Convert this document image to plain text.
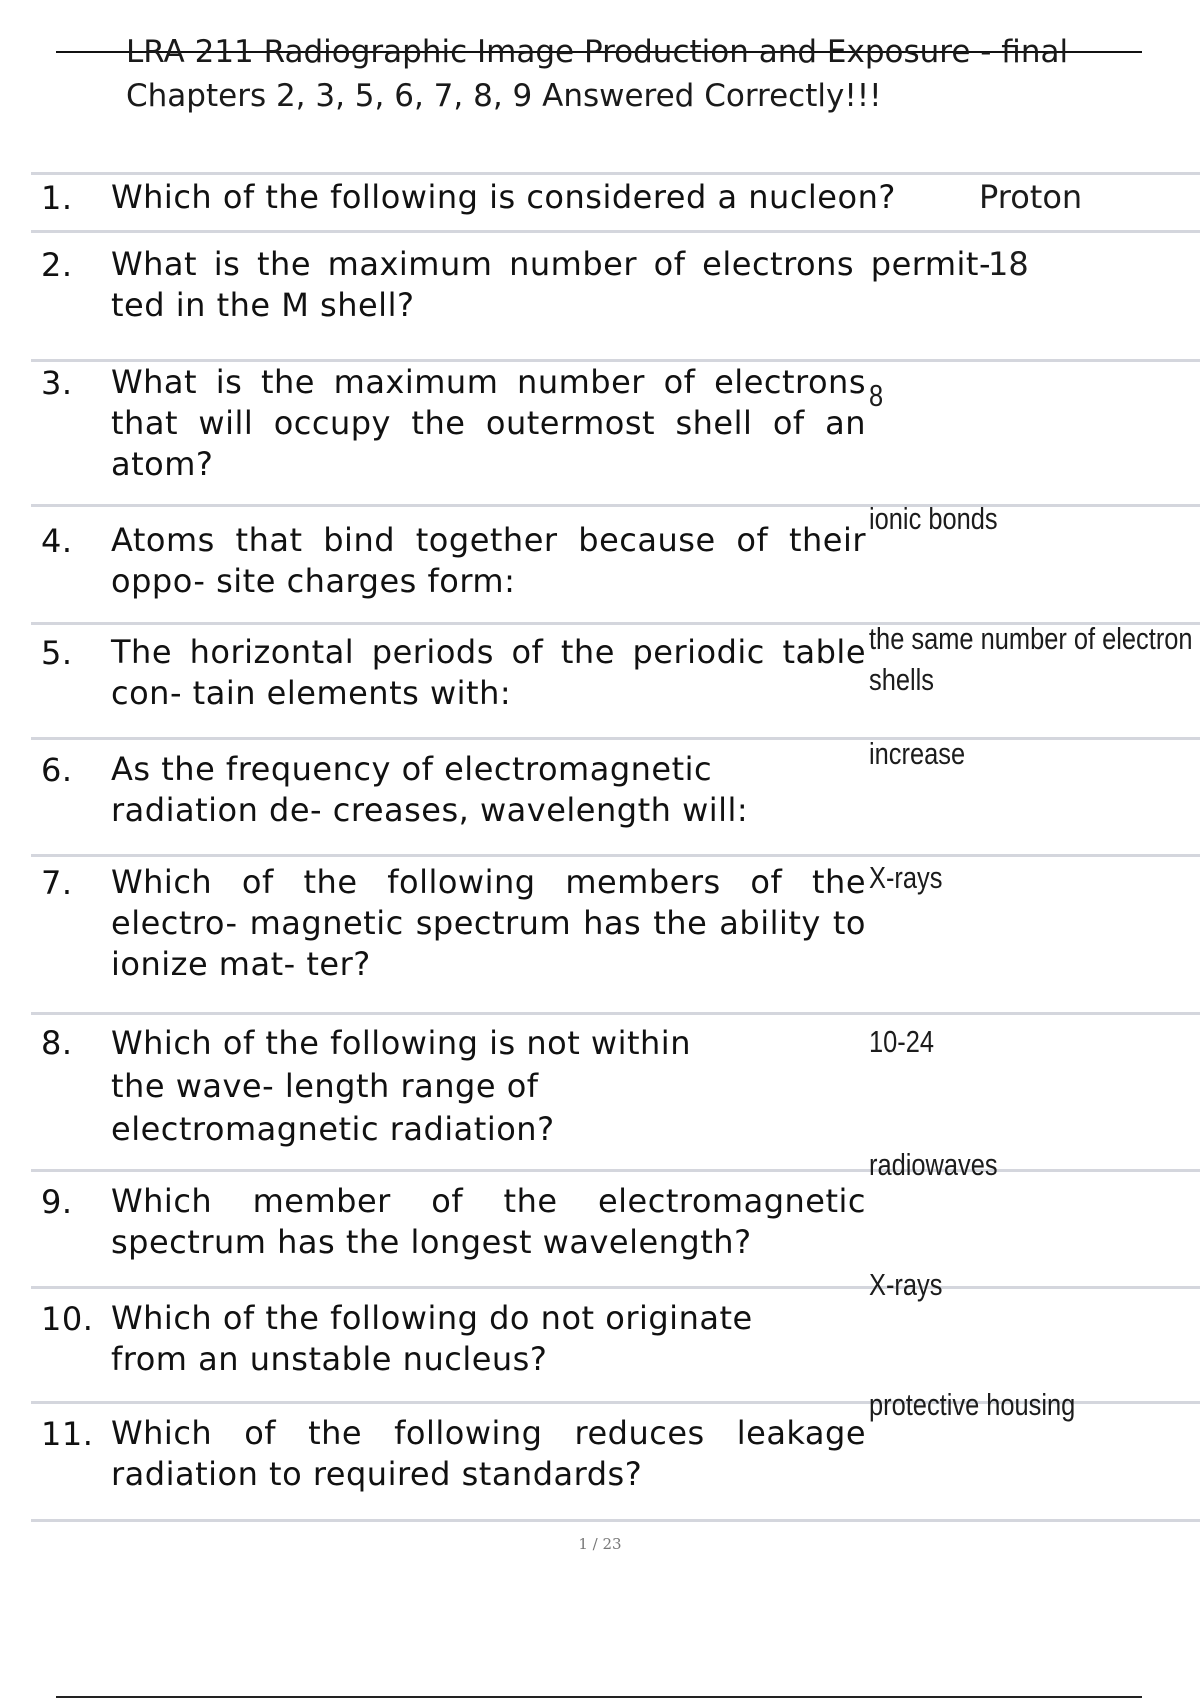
LRA 211 Radiographic Image Production and Exposure - final
Chapters 2, 3, 5, 6, 7, 8, 9 Answered Correctly!!!
1. Which of the following is considered a nucleon?	Proton
2. What is the maximum number of electrons permit- ted in the M shell?
18
3. What is the maximum number of electrons that will occupy the outermost shell of an atom?
8
4. Atoms that bind together because of their oppo- site charges form:
ionic bonds
5. The horizontal periods of the periodic table con- tain elements with:
the same number of electron shells
6. As the frequency of electromagnetic radiation de- creases, wavelength will:
increase
7. Which of the following members of the electro- magnetic spectrum has the ability to ionize mat- ter?
X-rays
8. Which of the following is not within the wave- length range of electromagnetic radiation?
10-24
9. Which member of the electromagnetic spectrum has the longest wavelength?
radiowaves
10. Which of the following do not originate from an unstable nucleus?
X-rays
11. Which of the following reduces leakage radiation to required standards?
protective housing
1 / 23
